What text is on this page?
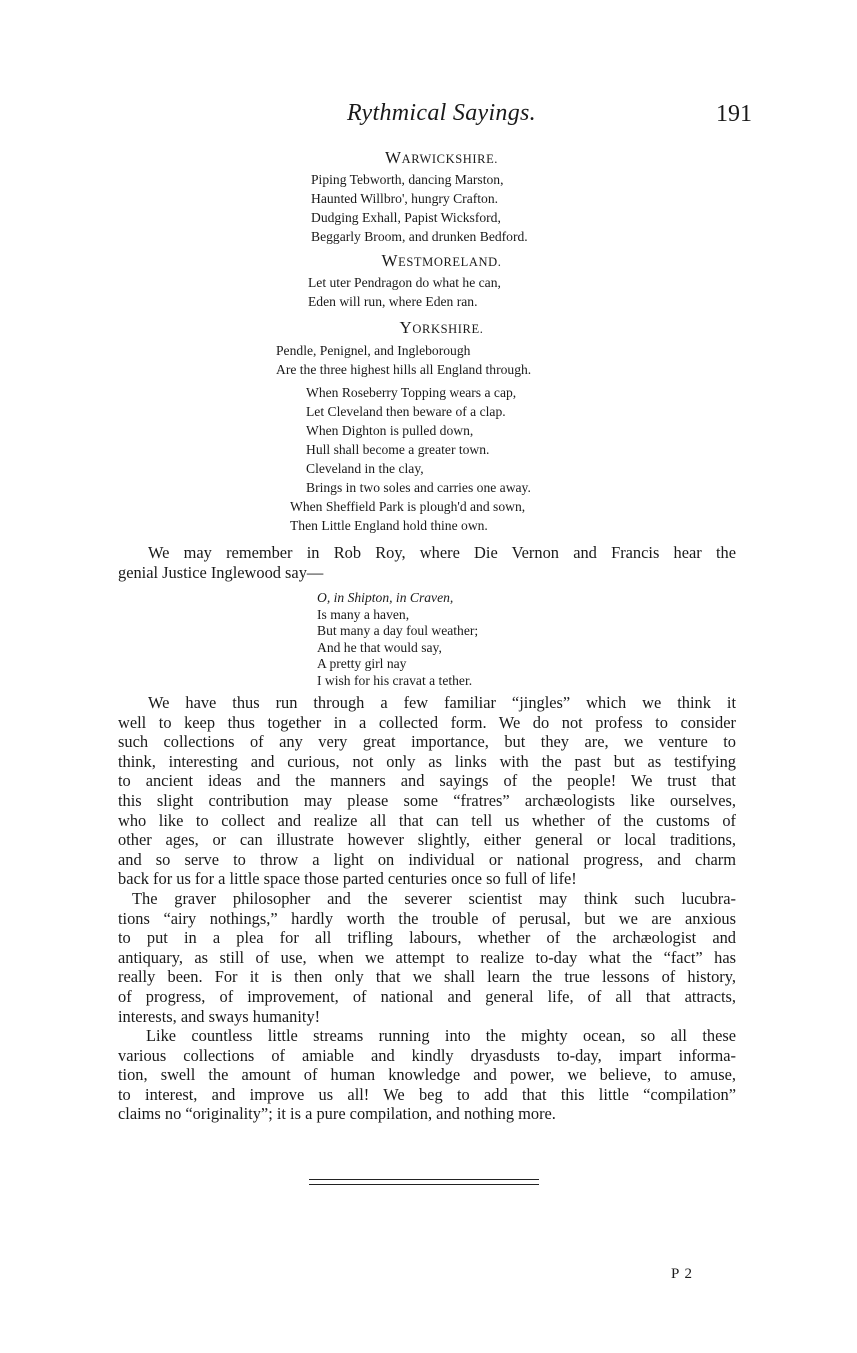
Rythmical Sayings.	191
WARWICKSHIRE.
Piping Tebworth, dancing Marston,
Haunted Willbro', hungry Crafton.
Dudging Exhall, Papist Wicksford,
Beggarly Broom, and drunken Bedford.
WESTMORELAND.
Let uter Pendragon do what he can,
Eden will run, where Eden ran.
YORKSHIRE.
Pendle, Penignel, and Ingleborough
Are the three highest hills all England through.
When Roseberry Topping wears a cap,
Let Cleveland then beware of a clap.
When Dighton is pulled down,
Hull shall become a greater town.
Cleveland in the clay,
Brings in two soles and carries one away.
When Sheffield Park is plough'd and sown,
Then Little England hold thine own.
We may remember in Rob Roy, where Die Vernon and Francis hear the
genial Justice Inglewood say—
O, in Shipton, in Craven,
Is many a haven,
But many a day foul weather;
And he that would say,
A pretty girl nay
I wish for his cravat a tether.
We have thus run through a few familiar “jingles” which we think it
well to keep thus together in a collected form. We do not profess to consider
such collections of any very great importance, but they are, we venture to
think, interesting and curious, not only as links with the past but as testifying
to ancient ideas and the manners and sayings of the people! We trust that
this slight contribution may please some “fratres” archæologists like ourselves,
who like to collect and realize all that can tell us whether of the customs of
other ages, or can illustrate however slightly, either general or local traditions,
and so serve to throw a light on individual or national progress, and charm
back for us for a little space those parted centuries once so full of life!
The graver philosopher and the severer scientist may think such lucubra-
tions “airy nothings,” hardly worth the trouble of perusal, but we are anxious
to put in a plea for all trifling labours, whether of the archæologist and
antiquary, as still of use, when we attempt to realize to-day what the “fact” has
really been. For it is then only that we shall learn the true lessons of history,
of progress, of improvement, of national and general life, of all that attracts,
interests, and sways humanity!
Like countless little streams running into the mighty ocean, so all these
various collections of amiable and kindly dryasdusts to-day, impart informa-
tion, swell the amount of human knowledge and power, we believe, to amuse,
to interest, and improve us all! We beg to add that this little “compilation”
claims no “originality”; it is a pure compilation, and nothing more.
P 2
